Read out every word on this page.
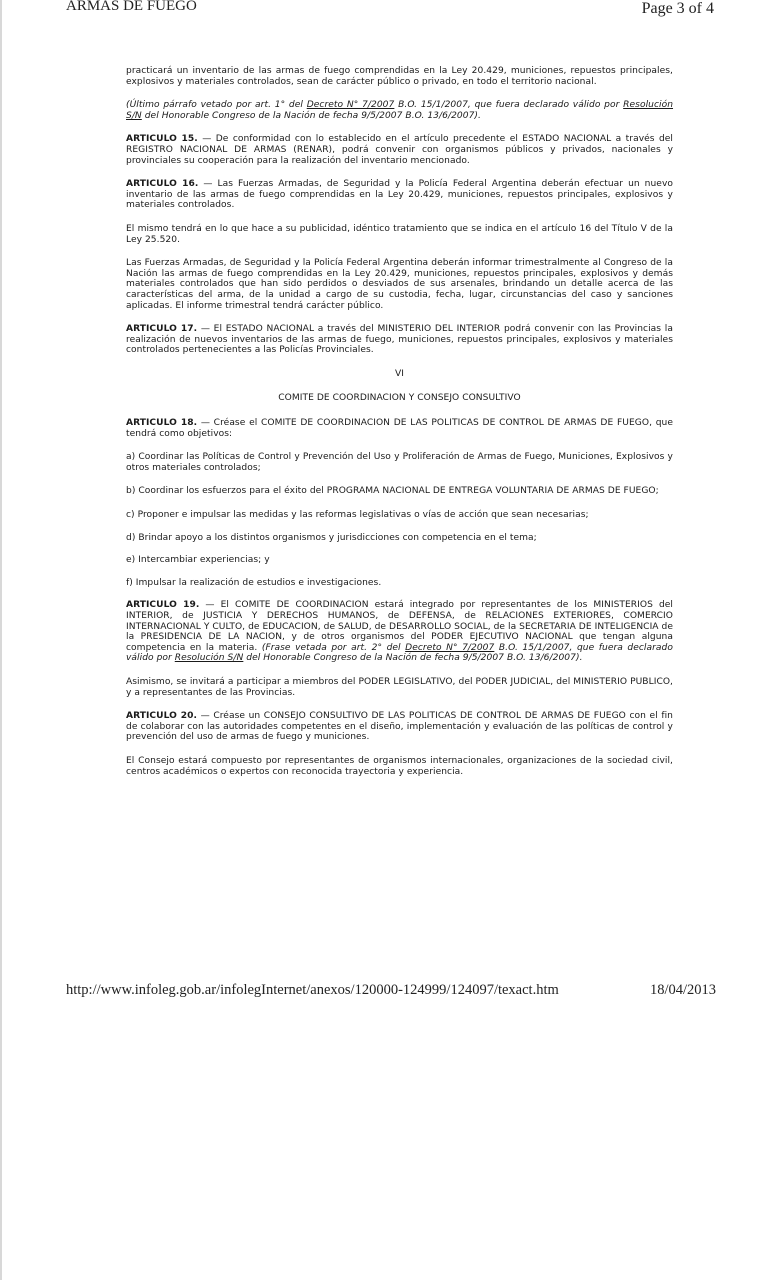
ARMAS DE FUEGO	Page 3 of 4

practicará un inventario de las armas de fuego comprendidas en la Ley 20.429, municiones, repuestos principales, explosivos y materiales controlados, sean de carácter público o privado, en todo el territorio nacional.

(Último párrafo vetado por art. 1° del Decreto N° 7/2007 B.O. 15/1/2007, que fuera declarado válido por Resolución S/N del Honorable Congreso de la Nación de fecha 9/5/2007 B.O. 13/6/2007).

ARTICULO 15. — De conformidad con lo establecido en el artículo precedente el ESTADO NACIONAL a través del REGISTRO NACIONAL DE ARMAS (RENAR), podrá convenir con organismos públicos y privados, nacionales y provinciales su cooperación para la realización del inventario mencionado.

ARTICULO 16. — Las Fuerzas Armadas, de Seguridad y la Policía Federal Argentina deberán efectuar un nuevo inventario de las armas de fuego comprendidas en la Ley 20.429, municiones, repuestos principales, explosivos y materiales controlados.

El mismo tendrá en lo que hace a su publicidad, idéntico tratamiento que se indica en el artículo 16 del Título V de la Ley 25.520.

Las Fuerzas Armadas, de Seguridad y la Policía Federal Argentina deberán informar trimestralmente al Congreso de la Nación las armas de fuego comprendidas en la Ley 20.429, municiones, repuestos principales, explosivos y demás materiales controlados que han sido perdidos o desviados de sus arsenales, brindando un detalle acerca de las características del arma, de la unidad a cargo de su custodia, fecha, lugar, circunstancias del caso y sanciones aplicadas. El informe trimestral tendrá carácter público.

ARTICULO 17. — El ESTADO NACIONAL a través del MINISTERIO DEL INTERIOR podrá convenir con las Provincias la realización de nuevos inventarios de las armas de fuego, municiones, repuestos principales, explosivos y materiales controlados pertenecientes a las Policías Provinciales.

VI

COMITE DE COORDINACION Y CONSEJO CONSULTIVO

ARTICULO 18. — Créase el COMITE DE COORDINACION DE LAS POLITICAS DE CONTROL DE ARMAS DE FUEGO, que tendrá como objetivos:

a) Coordinar las Políticas de Control y Prevención del Uso y Proliferación de Armas de Fuego, Municiones, Explosivos y otros materiales controlados;

b) Coordinar los esfuerzos para el éxito del PROGRAMA NACIONAL DE ENTREGA VOLUNTARIA DE ARMAS DE FUEGO;

c) Proponer e impulsar las medidas y las reformas legislativas o vías de acción que sean necesarias;

d) Brindar apoyo a los distintos organismos y jurisdicciones con competencia en el tema;

e) Intercambiar experiencias; y

f) Impulsar la realización de estudios e investigaciones.

ARTICULO 19. — El COMITE DE COORDINACION estará integrado por representantes de los MINISTERIOS del INTERIOR, de JUSTICIA Y DERECHOS HUMANOS, de DEFENSA, de RELACIONES EXTERIORES, COMERCIO INTERNACIONAL Y CULTO, de EDUCACION, de SALUD, de DESARROLLO SOCIAL, de la SECRETARIA DE INTELIGENCIA de la PRESIDENCIA DE LA NACION, y de otros organismos del PODER EJECUTIVO NACIONAL que tengan alguna competencia en la materia. (Frase vetada por art. 2° del Decreto N° 7/2007 B.O. 15/1/2007, que fuera declarado válido por Resolución S/N del Honorable Congreso de la Nación de fecha 9/5/2007 B.O. 13/6/2007).

Asimismo, se invitará a participar a miembros del PODER LEGISLATIVO, del PODER JUDICIAL, del MINISTERIO PUBLICO, y a representantes de las Provincias.

ARTICULO 20. — Créase un CONSEJO CONSULTIVO DE LAS POLITICAS DE CONTROL DE ARMAS DE FUEGO con el fin de colaborar con las autoridades competentes en el diseño, implementación y evaluación de las políticas de control y prevención del uso de armas de fuego y municiones.

El Consejo estará compuesto por representantes de organismos internacionales, organizaciones de la sociedad civil, centros académicos o expertos con reconocida trayectoria y experiencia.

http://www.infoleg.gob.ar/infolegInternet/anexos/120000-124999/124097/texact.htm	18/04/2013
